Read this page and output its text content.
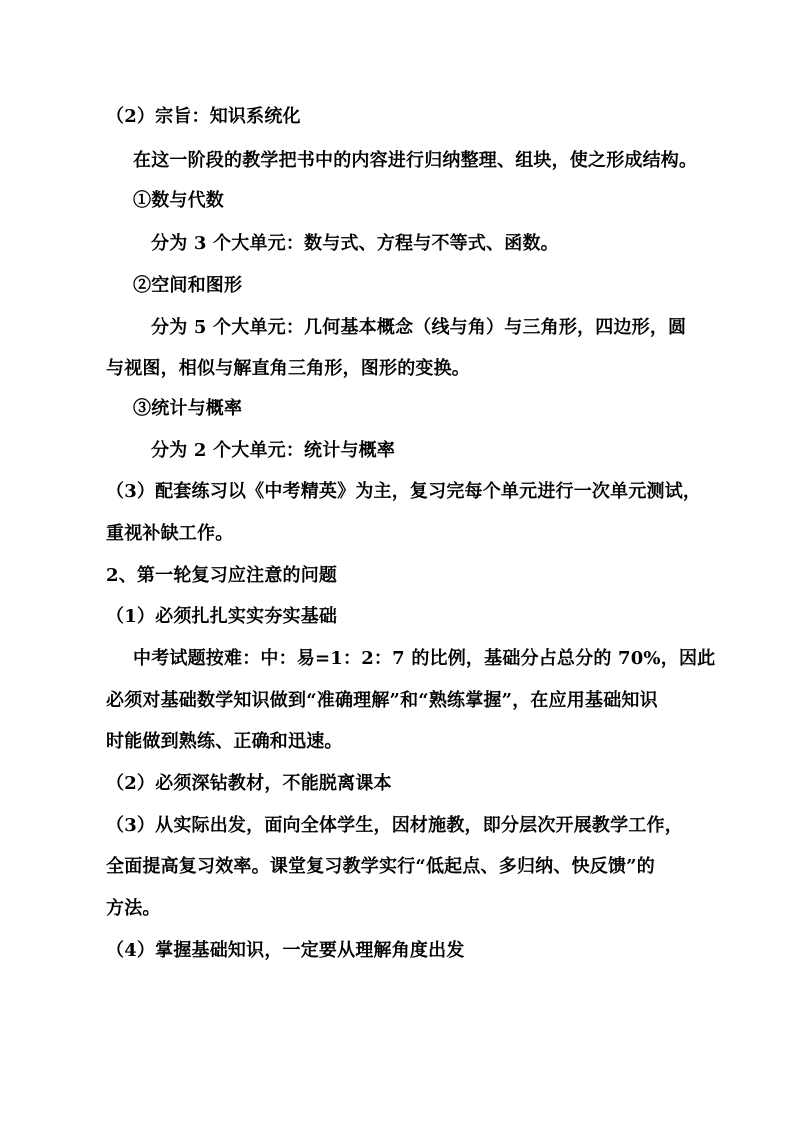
（2）宗旨：知识系统化
在这一阶段的教学把书中的内容进行归纳整理、组块，使之形成结构。
①数与代数
分为 3 个大单元：数与式、方程与不等式、函数。
②空间和图形
分为 5 个大单元：几何基本概念（线与角）与三角形，四边形，圆
与视图，相似与解直角三角形，图形的变换。
③统计与概率
分为 2 个大单元：统计与概率
（3）配套练习以《中考精英》为主，复习完每个单元进行一次单元测试，
重视补缺工作。
2、第一轮复习应注意的问题
（1）必须扎扎实实夯实基础
中考试题按难：中：易=1：2：7 的比例，基础分占总分的 70%，因此
必须对基础数学知识做到“准确理解”和“熟练掌握”，在应用基础知识
时能做到熟练、正确和迅速。
（2）必须深钻教材，不能脱离课本
（3）从实际出发，面向全体学生，因材施教，即分层次开展教学工作，
全面提高复习效率。课堂复习教学实行“低起点、多归纳、快反馈”的
方法。
（4）掌握基础知识，一定要从理解角度出发
